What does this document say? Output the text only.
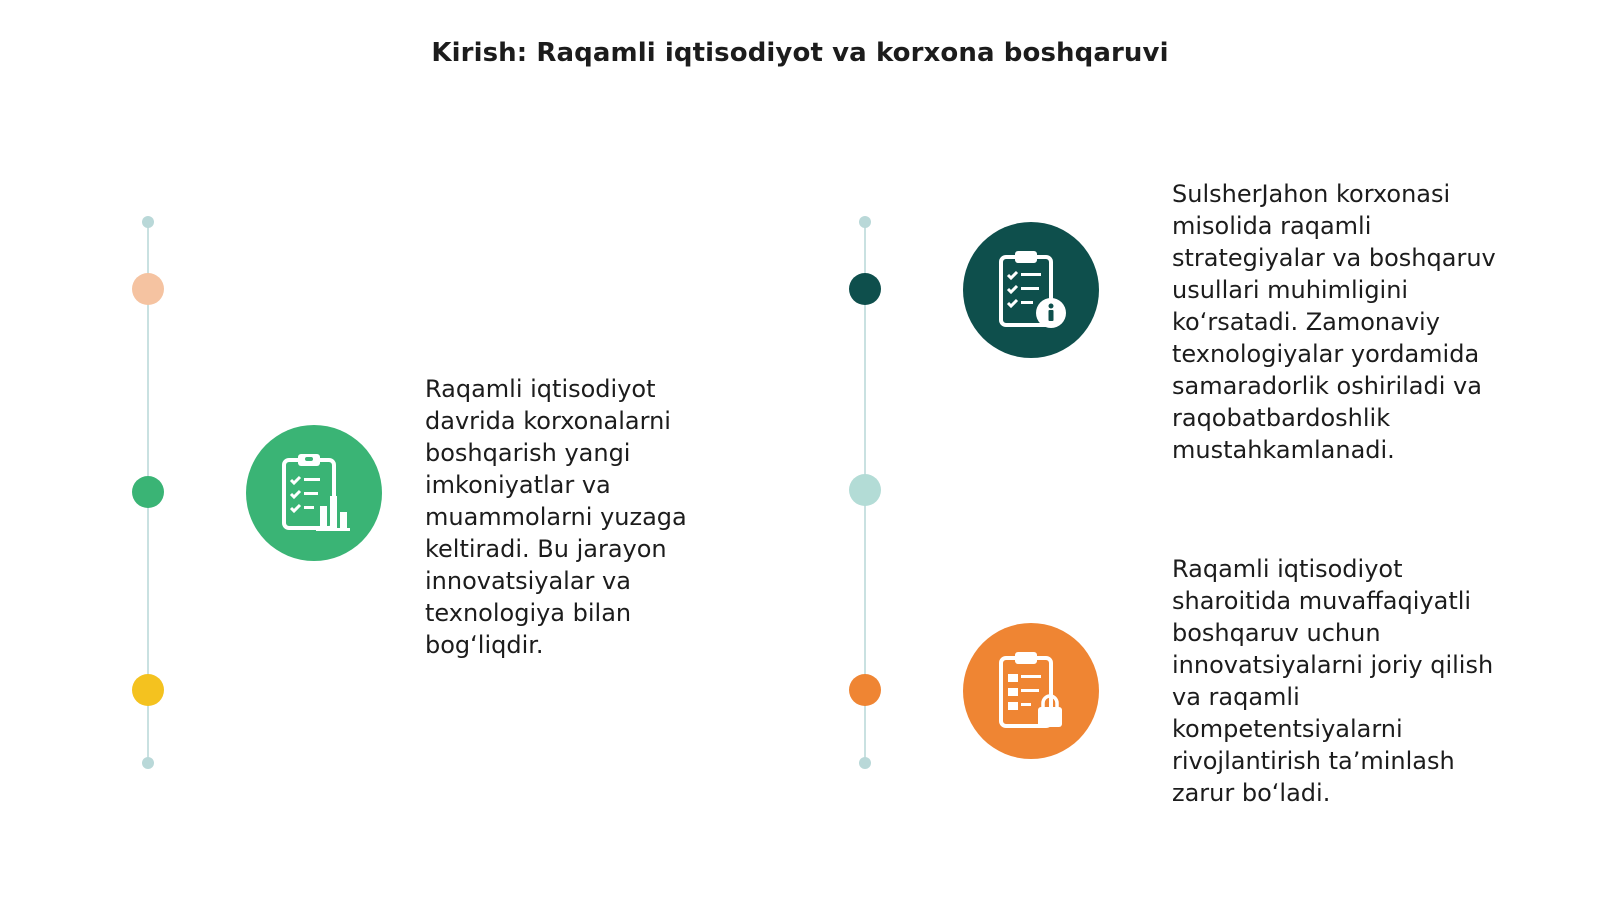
Kirish: Raqamli iqtisodiyot va korxona boshqaruvi
Raqamli iqtisodiyot
davrida korxonalarni
boshqarish yangi
imkoniyatlar va
muammolarni yuzaga
keltiradi. Bu jarayon
innovatsiyalar va
texnologiya bilan
bogʻliqdir.
SulsherJahon korxonasi
misolida raqamli
strategiyalar va boshqaruv
usullari muhimligini
koʻrsatadi. Zamonaviy
texnologiyalar yordamida
samaradorlik oshiriladi va
raqobatbardoshlik
mustahkamlanadi.
Raqamli iqtisodiyot
sharoitida muvaffaqiyatli
boshqaruv uchun
innovatsiyalarni joriy qilish
va raqamli
kompetentsiyalarni
rivojlantirish taʼminlash
zarur boʻladi.
